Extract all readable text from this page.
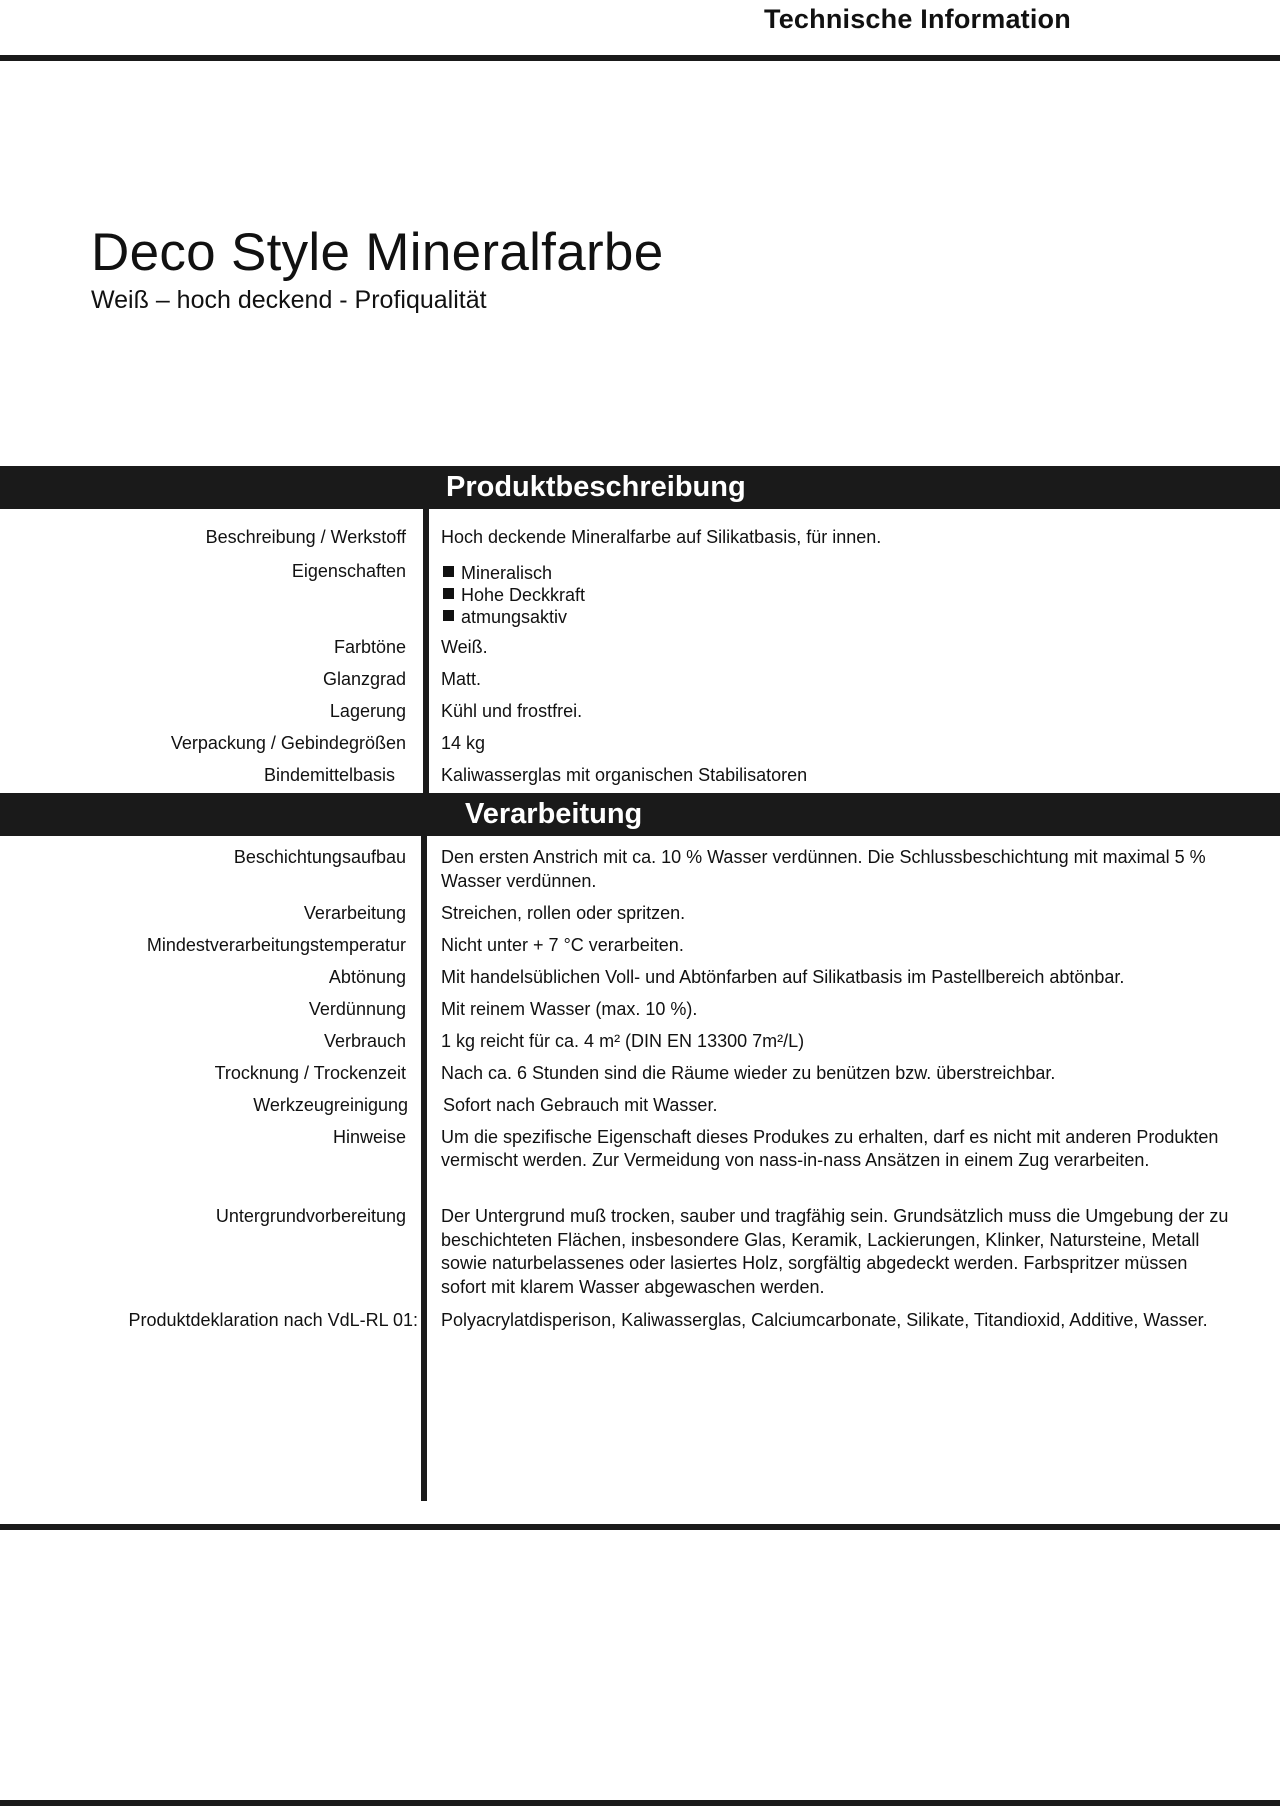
Technische Information
Deco Style Mineralfarbe
Weiß – hoch deckend - Profiqualität
Produktbeschreibung
Beschreibung / Werkstoff Hoch deckende Mineralfarbe auf Silikatbasis, für innen.
Eigenschaften	Mineralisch
Hohe Deckkraft
atmungsaktiv
Farbtöne Weiß.
Glanzgrad Matt.
Lagerung Kühl und frostfrei.
Verpackung / Gebindegrößen 14 kg
Bindemittelbasis	Kaliwasserglas mit organischen Stabilisatoren
Verarbeitung
Beschichtungsaufbau Den ersten Anstrich mit ca. 10 % Wasser verdünnen. Die Schlussbeschichtung mit maximal 5 % Wasser verdünnen.
Verarbeitung Streichen, rollen oder spritzen.
Mindestverarbeitungstemperatur Nicht unter + 7 °C verarbeiten.
Abtönung Mit handelsüblichen Voll- und Abtönfarben auf Silikatbasis im Pastellbereich abtönbar.
Verdünnung Mit reinem Wasser (max. 10 %).
Verbrauch 1 kg reicht für ca. 4 m² (DIN EN 13300 7m²/L)
Trocknung / Trockenzeit Nach ca. 6 Stunden sind die Räume wieder zu benützen bzw. überstreichbar.
Werkzeugreinigung Sofort nach Gebrauch mit Wasser.
Hinweise Um die spezifische Eigenschaft dieses Produkes zu erhalten, darf es nicht mit anderen Produkten vermischt werden. Zur Vermeidung von nass-in-nass Ansätzen in einem Zug verarbeiten.
Untergrundvorbereitung Der Untergrund muß trocken, sauber und tragfähig sein. Grundsätzlich muss die Umgebung der zu beschichteten Flächen, insbesondere Glas, Keramik, Lackierungen, Klinker, Natursteine, Metall sowie naturbelassenes oder lasiertes Holz, sorgfältig abgedeckt werden. Farbspritzer müssen sofort mit klarem Wasser abgewaschen werden.
Produktdeklaration nach VdL-RL 01: Polyacrylatdisperison, Kaliwasserglas, Calciumcarbonate, Silikate, Titandioxid, Additive, Wasser.
